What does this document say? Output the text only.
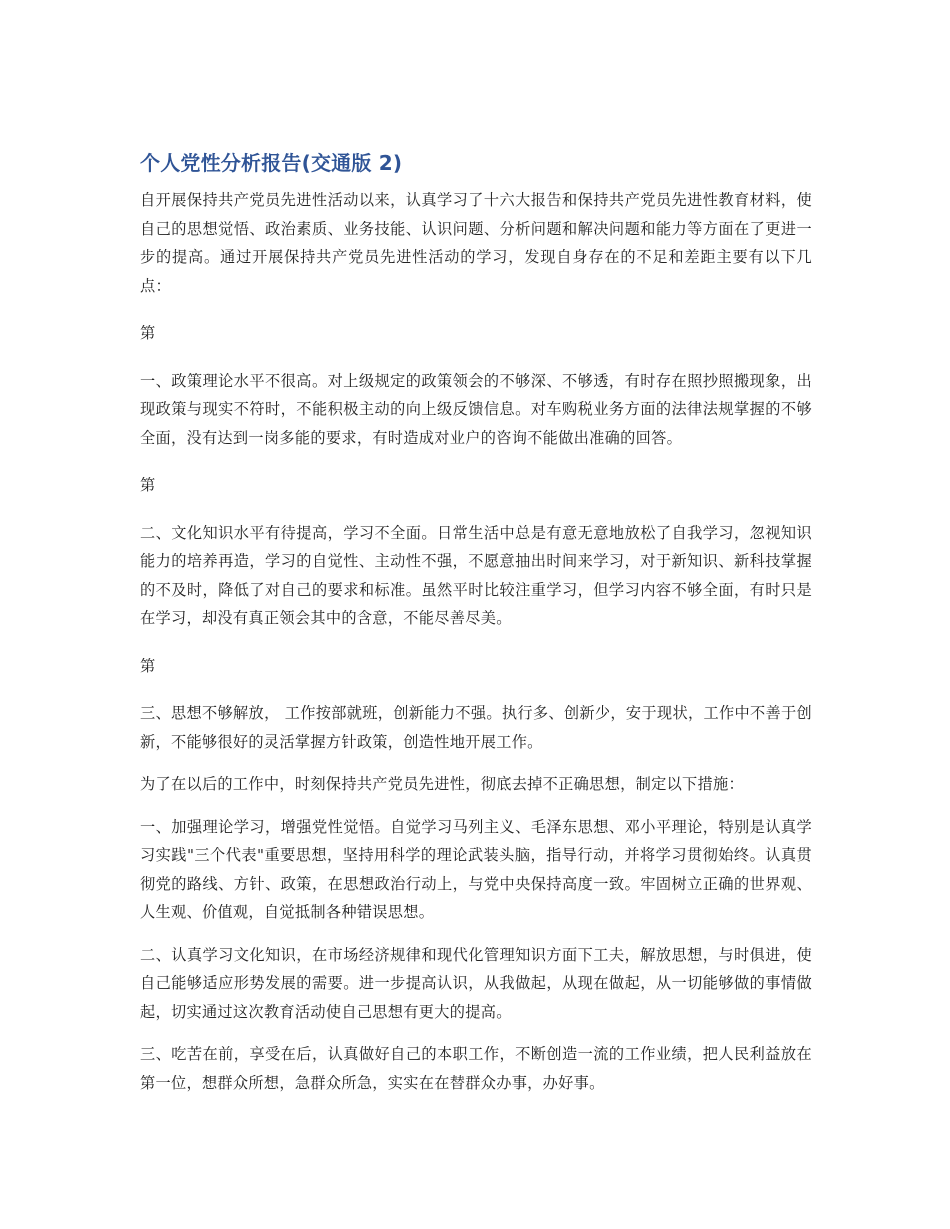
个人党性分析报告(交通版 2)

自开展保持共产党员先进性活动以来，认真学习了十六大报告和保持共产党员先进性教育材料，使自己的思想觉悟、政治素质、业务技能、认识问题、分析问题和解决问题和能力等方面在了更进一步的提高。通过开展保持共产党员先进性活动的学习，发现自身存在的不足和差距主要有以下几点：

第

一、政策理论水平不很高。对上级规定的政策领会的不够深、不够透，有时存在照抄照搬现象，出现政策与现实不符时，不能积极主动的向上级反馈信息。对车购税业务方面的法律法规掌握的不够全面，没有达到一岗多能的要求，有时造成对业户的咨询不能做出准确的回答。

第

二、文化知识水平有待提高，学习不全面。日常生活中总是有意无意地放松了自我学习，忽视知识能力的培养再造，学习的自觉性、主动性不强，不愿意抽出时间来学习，对于新知识、新科技掌握的不及时，降低了对自己的要求和标准。虽然平时比较注重学习，但学习内容不够全面，有时只是在学习，却没有真正领会其中的含意，不能尽善尽美。

第

三、思想不够解放， 工作按部就班，创新能力不强。执行多、创新少，安于现状，工作中不善于创新，不能够很好的灵活掌握方针政策，创造性地开展工作。

为了在以后的工作中，时刻保持共产党员先进性，彻底去掉不正确思想，制定以下措施：

一、加强理论学习，增强党性觉悟。自觉学习马列主义、毛泽东思想、邓小平理论，特别是认真学习实践"三个代表"重要思想，坚持用科学的理论武装头脑，指导行动，并将学习贯彻始终。认真贯彻党的路线、方针、政策，在思想政治行动上，与党中央保持高度一致。牢固树立正确的世界观、人生观、价值观，自觉抵制各种错误思想。

二、认真学习文化知识，在市场经济规律和现代化管理知识方面下工夫，解放思想，与时俱进，使自己能够适应形势发展的需要。进一步提高认识，从我做起，从现在做起，从一切能够做的事情做起，切实通过这次教育活动使自己思想有更大的提高。

三、吃苦在前，享受在后，认真做好自己的本职工作，不断创造一流的工作业绩，把人民利益放在第一位，想群众所想，急群众所急，实实在在替群众办事，办好事。
